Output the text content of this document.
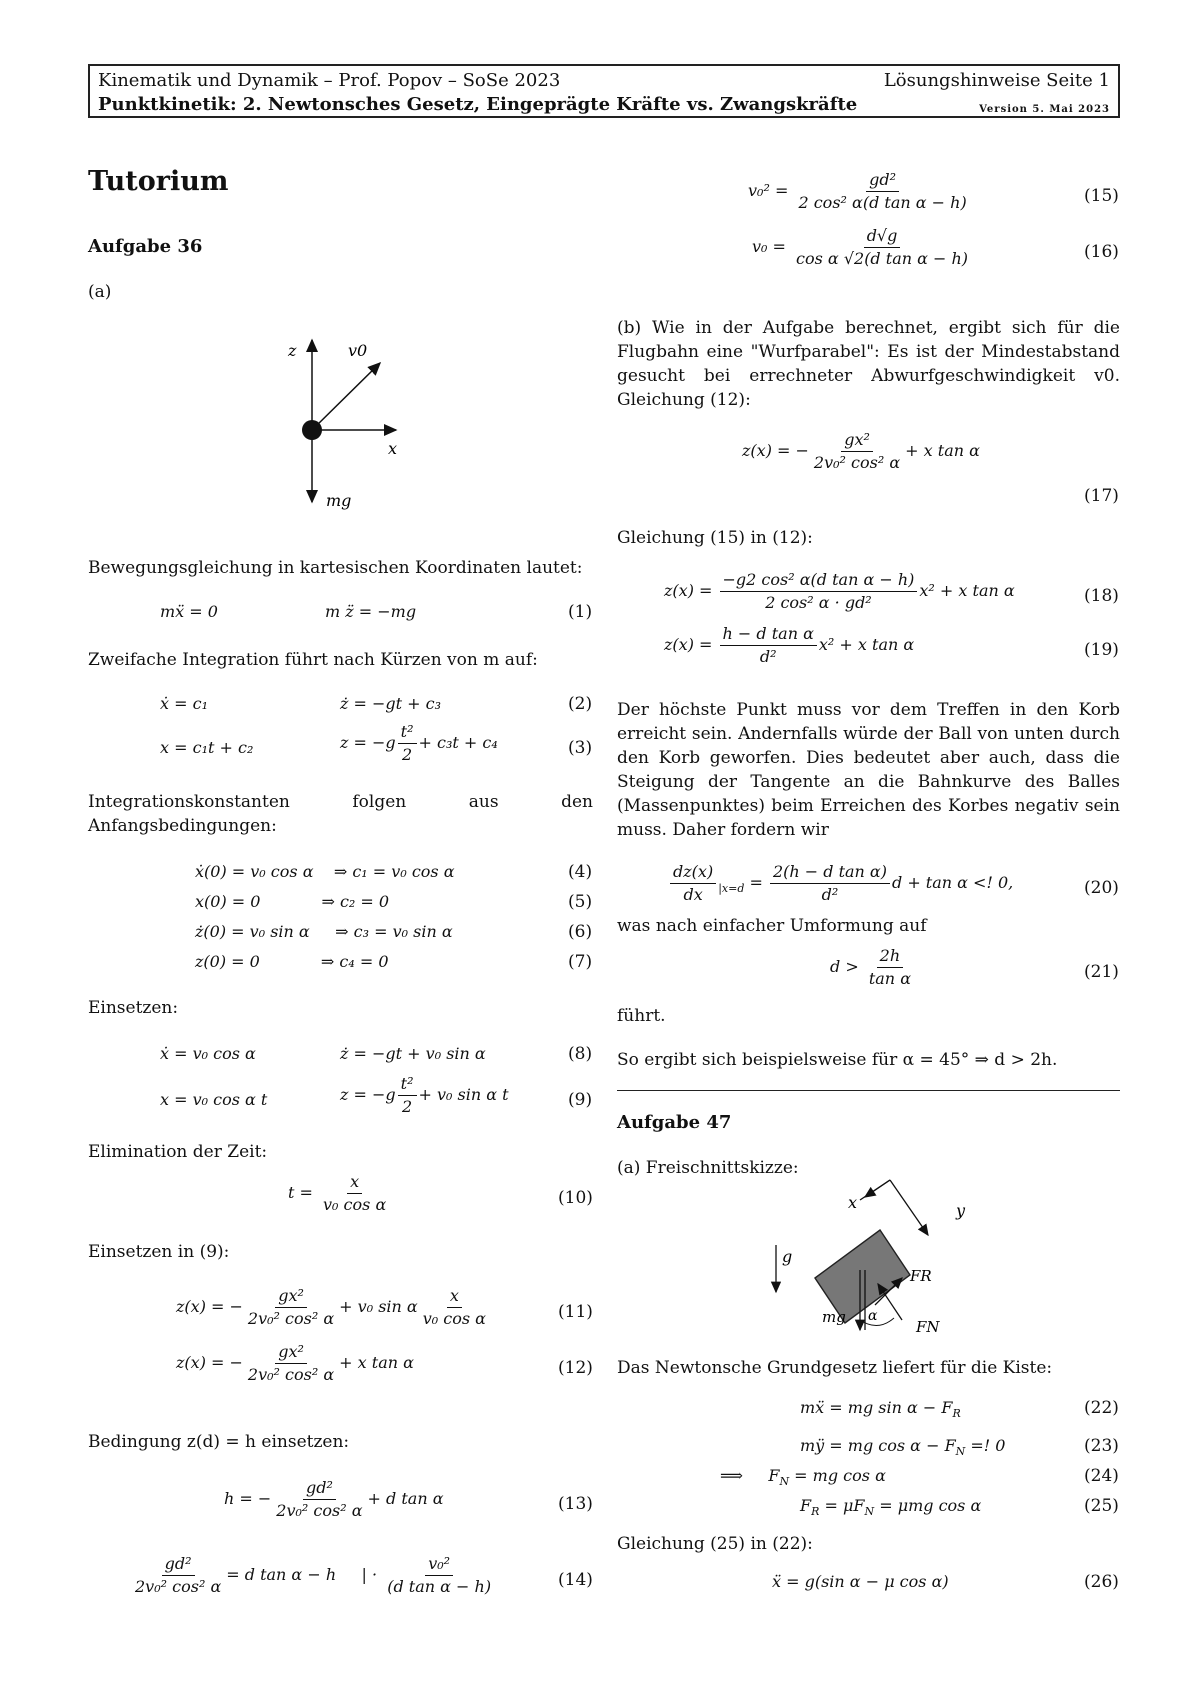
Kinematik und Dynamik – Prof. Popov – SoSe 2023	Lösungshinweise Seite 1
Punktkinetik: 2. Newtonsches Gesetz, Eingeprägte Kräfte vs. Zwangskräfte	Version 5. Mai 2023
Tutorium
Aufgabe 36
(a)
z	v0
x
mg
Bewegungsgleichung in kartesischen Koordinaten lautet:
mẍ = 0	m z̈ = −mg	(1)
Zweifache Integration führt nach Kürzen von m auf:
ẋ = c₁	ż = −gt + c₃	(2)
x = c₁t + c₂	$z = -g \frac{\text{t²}}{2} + c_3t + c_4$	(3)
Integrationskonstanten folgen aus den Anfangsbedingungen:
ẋ(0) = v₀ cos α    ⇒ c₁ = v₀ cos α	(4)
x(0) = 0            ⇒ c₂ = 0	(5)
ż(0) = v₀ sin α     ⇒ c₃ = v₀ sin α	(6)
z(0) = 0            ⇒ c₄ = 0	(7)
Einsetzen:
ẋ = v₀ cos α	ż = −gt + v₀ sin α	(8)
x = v₀ cos α t	$z = -g \frac{\text{t²}}{2} + v_0$ sin α t	(9)
Elimination der Zeit:
$t = \frac{x}{\text{v₀ cos α}}$	(10)
Einsetzen in (9):
z(x) = − $\frac{\text{gx²}}{\text{2v₀² cos² α}} + v_0$ sin α $\frac{x}{\text{v₀ cos α}}$	(11)
z(x) = − $\frac{\text{gx²}}{\text{2v₀² cos² α}} + x$ tan α	(12)
Bedingung z(d) = h einsetzen:
h = − $\frac{\text{gd²}}{\text{2v₀² cos² α}} + d$ tan α	(13)
$\frac{\text{gd²}}{\text{2v₀² cos² α}} = d$ tan α − h     | · $\frac{\text{v₀²}}{\text{(d tan α − h)}}$	(14)
$v_0^2 = \frac{\text{gd²}}{\text{2 cos² α(d tan α − h)}}$	(15)
$v_0 = \frac{d√g}{\text{cos α √2(d tan α − h)}}$	(16)
(b) Wie in der Aufgabe berechnet, ergibt sich für die Flugbahn eine "Wurfparabel": Es ist der Mindestabstand gesucht bei errechneter Abwurfgeschwindigkeit v0. Gleichung (12):
z(x) = − $\frac{\text{gx²}}{\text{2v₀² cos² α}} + x$ tan α
(17)
Gleichung (15) in (12):
$z(x) = \frac{\text{−g2 cos² α(d tan α − h)}}{\text{2 cos² α · gd²}} x^2 + x$ tan α	(18)
$z(x) = \frac{\text{h − d tan α}}{\text{d²}} x^2 + x$ tan α	(19)
Der höchste Punkt muss vor dem Treffen in den Korb erreicht sein. Andernfalls würde der Ball von unten durch den Korb geworfen. Dies bedeutet aber auch, dass die Steigung der Tangente an die Bahnkurve des Balles (Massenpunktes) beim Erreichen des Korbes negativ sein muss. Daher fordern wir
$\frac{dz(x)}{dx} _{|x=d} = \frac{\text{2(h − d tan α)}}{\text{d²}}$ d + tan α <! 0,	(20)
was nach einfacher Umformung auf
$d > \frac{2h}{\text{tan α}}$	(21)
führt.
So ergibt sich beispielsweise für α = 45° ⇒ d > 2h.
Aufgabe 47
(a) Freischnittskizze:
x	y
g
FR
FN
mg α
Das Newtonsche Grundgesetz liefert für die Kiste:
mẍ = mg $\sin \alpha - F_R$	(22)
mÿ = mg $\cos \alpha - F_N$ =! 0	(23)
⟹     $F_N$ = mg cos α	(24)
$F_R = \mu F_N = \mu mg$ cos α	(25)
Gleichung (25) in (22):
ẍ = g(sin α − μ cos α)	(26)
